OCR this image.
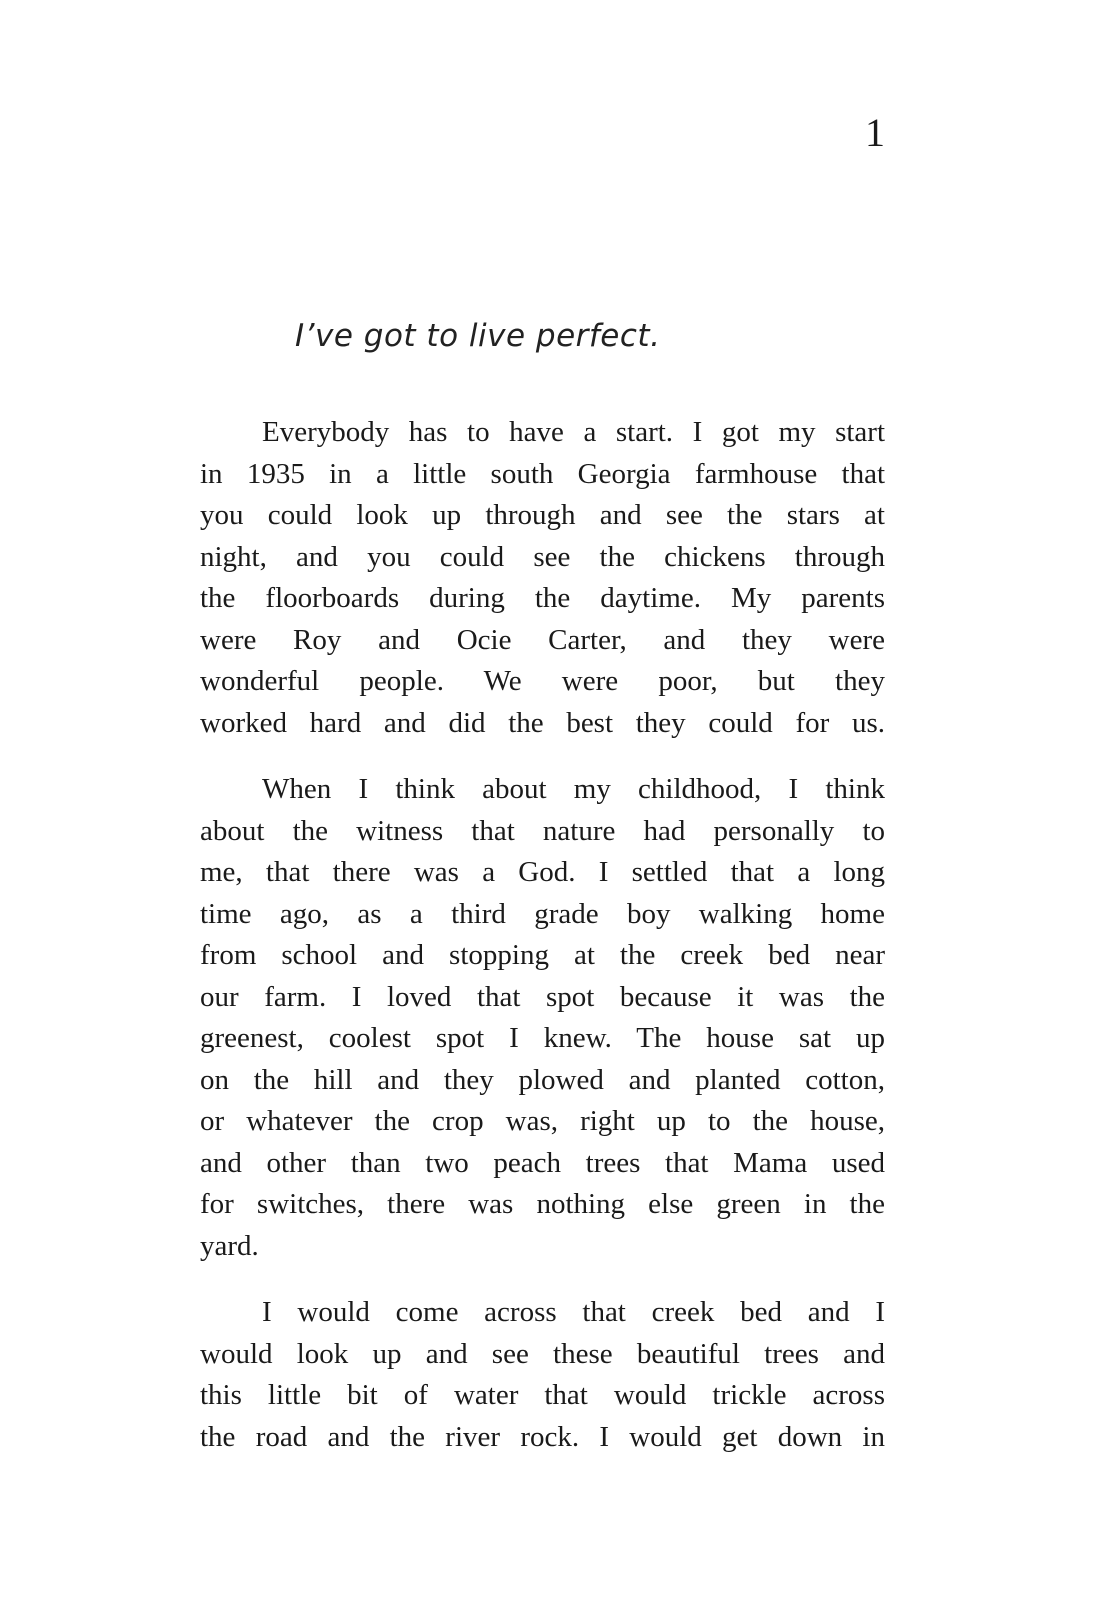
1
I’ve got to live perfect.
Everybody has to have a start. I got my start
in 1935 in a little south Georgia farmhouse that
you could look up through and see the stars at
night, and you could see the chickens through
the floorboards during the daytime. My parents
were Roy and Ocie Carter, and they were
wonderful people. We were poor, but they
worked hard and did the best they could for us.
When I think about my childhood, I think
about the witness that nature had personally to
me, that there was a God. I settled that a long
time ago, as a third grade boy walking home
from school and stopping at the creek bed near
our farm. I loved that spot because it was the
greenest, coolest spot I knew. The house sat up
on the hill and they plowed and planted cotton,
or whatever the crop was, right up to the house,
and other than two peach trees that Mama used
for switches, there was nothing else green in the
yard.
I would come across that creek bed and I
would look up and see these beautiful trees and
this little bit of water that would trickle across
the road and the river rock. I would get down in
